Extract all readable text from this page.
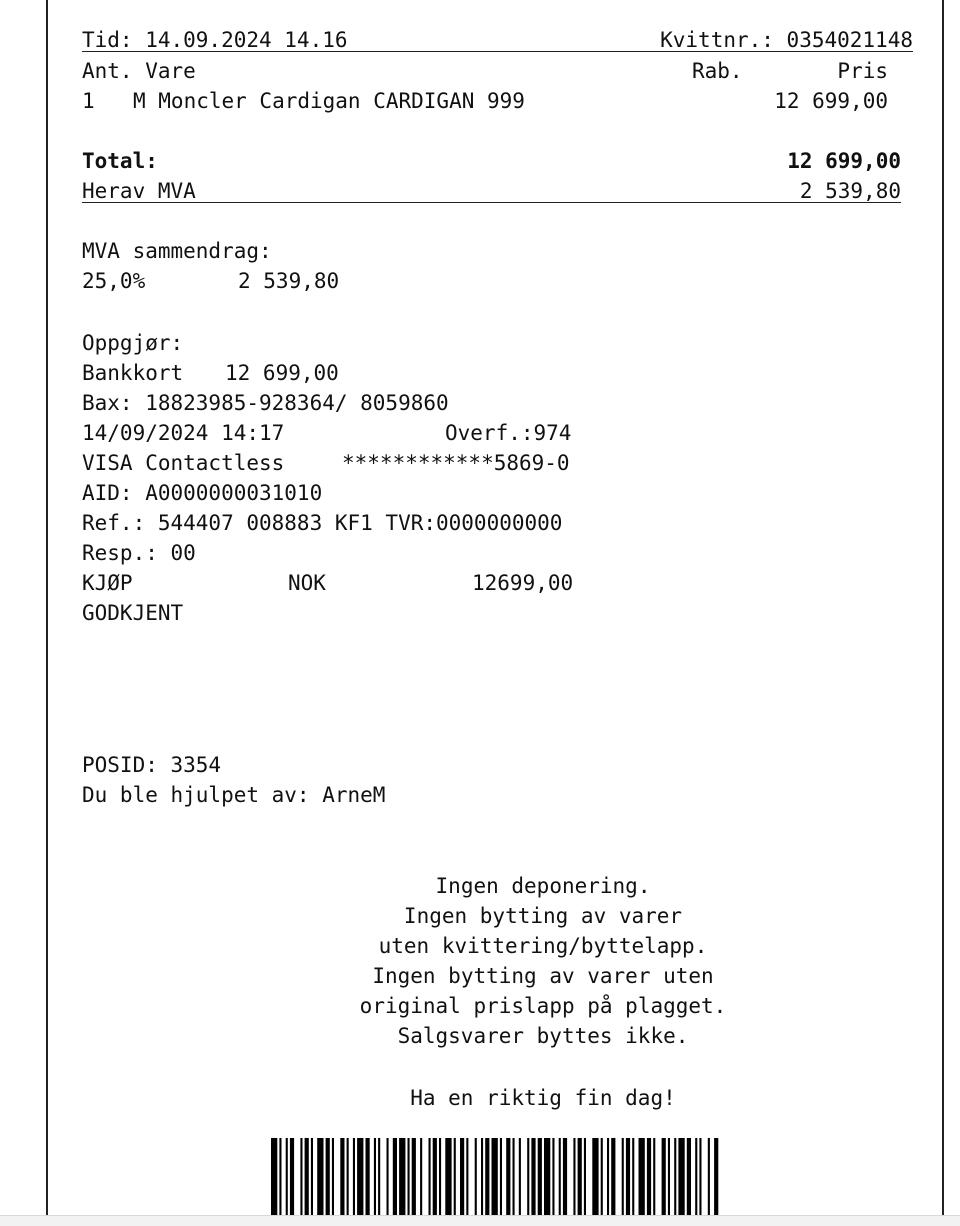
Tid: 14.09.2024 14.16	Kvittnr.: 0354021148
Ant. Vare	Rab.	Pris
1 M Moncler Cardigan CARDIGAN 999	12 699,00
Total:	12 699,00
Herav MVA	2 539,80
MVA sammendrag:
25,0%	2 539,80
Oppgjør:
Bankkort 12 699,00
Bax: 18823985-928364/ 8059860
14/09/2024 14:17	Overf.:974
VISA Contactless	************5869-0
AID: A0000000031010
Ref.: 544407 008883 KF1 TVR:0000000000
Resp.: 00
KJØP	NOK	12699,00
GODKJENT
POSID: 3354
Du ble hjulpet av: ArneM
Ingen deponering.
Ingen bytting av varer
uten kvittering/byttelapp.
Ingen bytting av varer uten
original prislapp på plagget.
Salgsvarer byttes ikke.
Ha en riktig fin dag!
